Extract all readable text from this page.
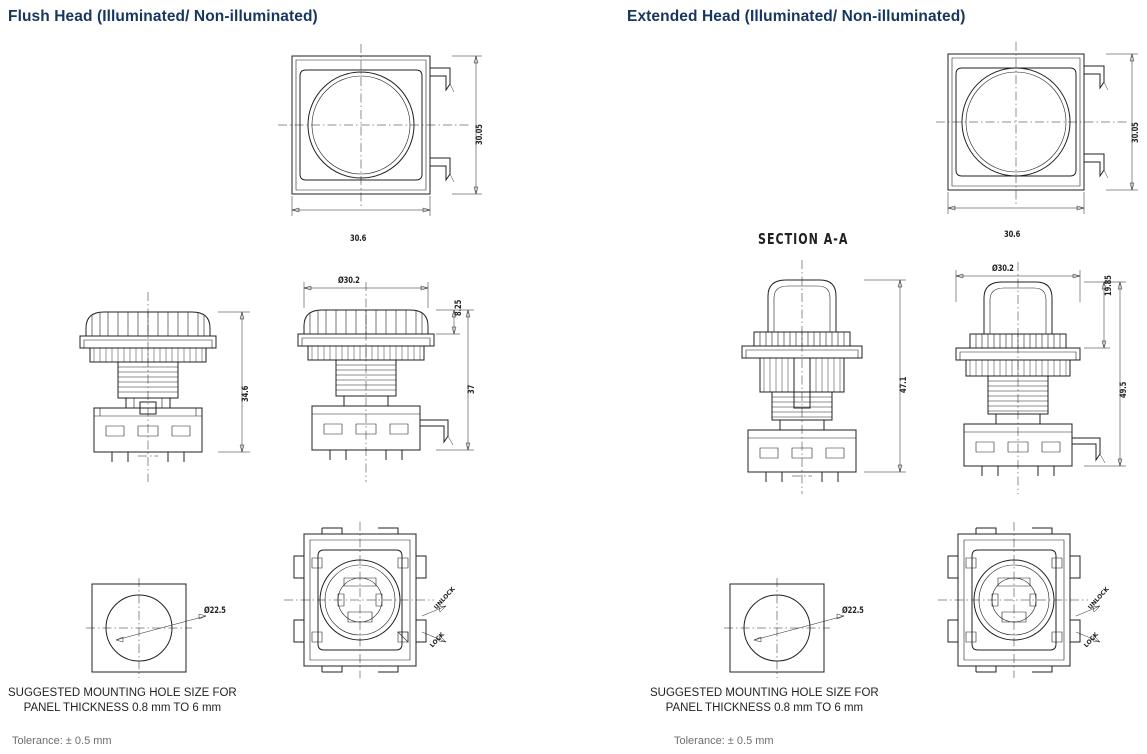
Flush Head (Illuminated/ Non-illuminated)
30.6
30.05
34.6
Ø30.2
8.25
37
Ø22.5	UNLOCK
LOCK
SUGGESTED MOUNTING HOLE SIZE FOR
PANEL THICKNESS 0.8 mm TO 6 mm
Tolerance: ± 0.5 mm
Extended Head (Illuminated/ Non-illuminated)
30.6
30.05
SECTION A-A
47.1
Ø30.2
19.85
49.5
Ø22.5	UNLOCK
LOCK
SUGGESTED MOUNTING HOLE SIZE FOR
PANEL THICKNESS 0.8 mm TO 6 mm
Tolerance: ± 0.5 mm
